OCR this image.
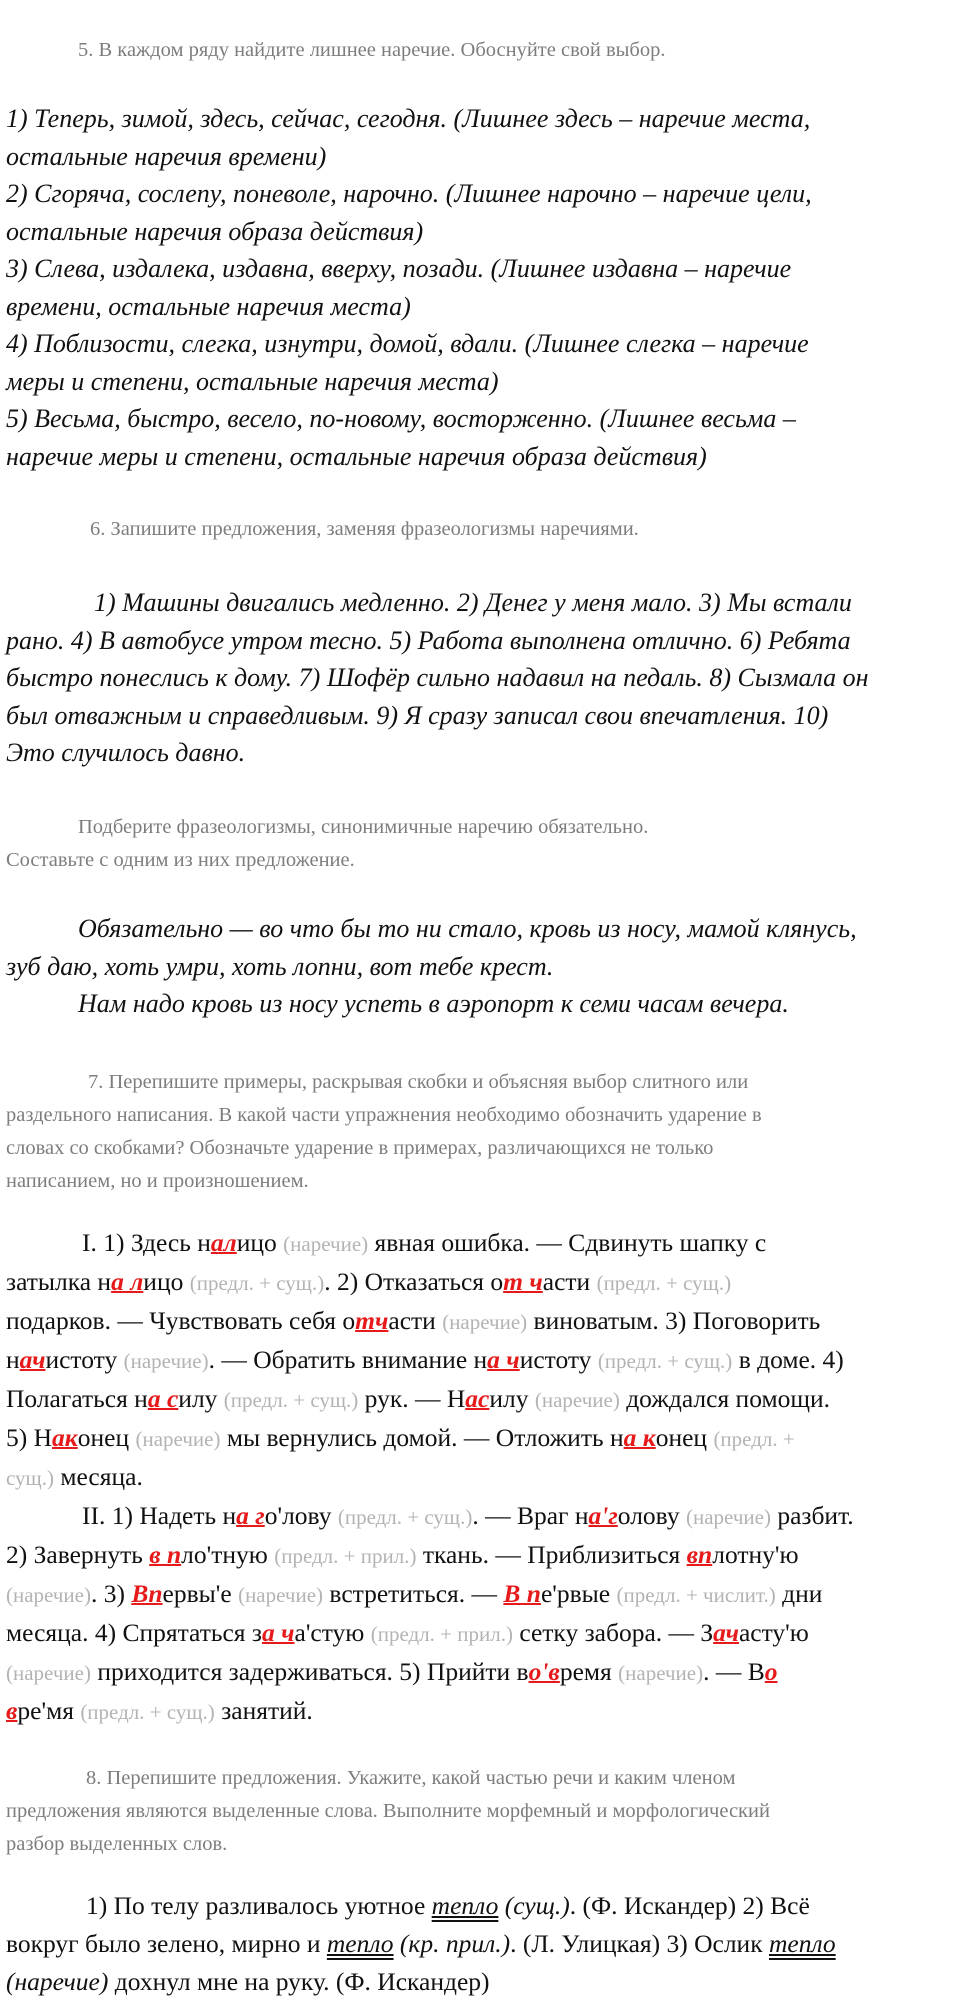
5. В каждом ряду найдите лишнее наречие. Обоснуйте свой выбор.

1) Теперь, зимой, здесь, сейчас, сегодня. (Лишнее здесь – наречие места,

остальные наречия времени)

2) Сгоряча, сослепу, поневоле, нарочно. (Лишнее нарочно – наречие цели,

остальные наречия образа действия)

3) Слева, издалека, издавна, вверху, позади. (Лишнее издавна – наречие

времени, остальные наречия места)

4) Поблизости, слегка, изнутри, домой, вдали. (Лишнее слегка – наречие

меры и степени, остальные наречия места)

5) Весьма, быстро, весело, по-новому, восторженно. (Лишнее весьма –

наречие меры и степени, остальные наречия образа действия)

6. Запишите предложения, заменяя фразеологизмы наречиями.

1) Машины двигались медленно. 2) Денег у меня мало. 3) Мы встали

рано. 4) В автобусе утром тесно. 5) Работа выполнена отлично. 6) Ребята

быстро понеслись к дому. 7) Шофёр сильно надавил на педаль. 8) Сызмала он

был отважным и справедливым. 9) Я сразу записал свои впечатления. 10)

Это случилось давно.

Подберите фразеологизмы, синонимичные наречию обязательно.

Составьте с одним из них предложение.

Обязательно — во что бы то ни стало, кровь из носу, мамой клянусь,

зуб даю, хоть умри, хоть лопни, вот тебе крест.

Нам надо кровь из носу успеть в аэропорт к семи часам вечера.

7. Перепишите примеры, раскрывая скобки и объясняя выбор слитного или

раздельного написания. В какой части упражнения необходимо обозначить ударение в

словах со скобками? Обозначьте ударение в примерах, различающихся не только

написанием, но и произношением.

I. 1) Здесь налицо (наречие) явная ошибка. — Сдвинуть шапку с

затылка на лицо (предл. + сущ.). 2) Отказаться от части (предл. + сущ.)

подарков. — Чувствовать себя отчасти (наречие) виноватым. 3) Поговорить

начистоту (наречие). — Обратить внимание на чистоту (предл. + сущ.) в доме. 4)

Полагаться на силу (предл. + сущ.) рук. — Насилу (наречие) дождался помощи.

5) Наконец (наречие) мы вернулись домой. — Отложить на конец (предл. +

сущ.) месяца.

II. 1) Надеть на го'лову (предл. + сущ.). — Враг на'голову (наречие) разбит.

2) Завернуть в пло'тную (предл. + прил.) ткань. — Приблизиться вплотну'ю

(наречие). 3) Впервы'е (наречие) встретиться. — В пе'рвые (предл. + числит.) дни

месяца. 4) Спрятаться за ча'стую (предл. + прил.) сетку забора. — Зачасту'ю

(наречие) приходится задерживаться. 5) Прийти во'время (наречие). — Во

вре'мя (предл. + сущ.) занятий.

8. Перепишите предложения. Укажите, какой частью речи и каким членом

предложения являются выделенные слова. Выполните морфемный и морфологический

разбор выделенных слов.

1) По телу разливалось уютное тепло (сущ.). (Ф. Искандер) 2) Всё

вокруг было зелено, мирно и тепло (кр. прил.). (Л. Улицкая) 3) Ослик тепло

(наречие) дохнул мне на руку. (Ф. Искандер)
